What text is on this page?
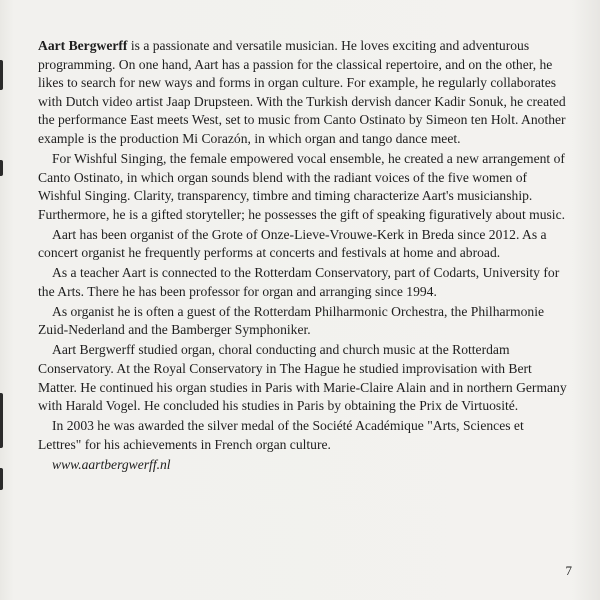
Aart Bergwerff is a passionate and versatile musician. He loves exciting and adventurous programming. On one hand, Aart has a passion for the classical repertoire, and on the other, he likes to search for new ways and forms in organ culture. For example, he regularly collaborates with Dutch video artist Jaap Drupsteen. With the Turkish dervish dancer Kadir Sonuk, he created the performance East meets West, set to music from Canto Ostinato by Simeon ten Holt. Another example is the production Mi Corazón, in which organ and tango dance meet.

For Wishful Singing, the female empowered vocal ensemble, he created a new arrangement of Canto Ostinato, in which organ sounds blend with the radiant voices of the five women of Wishful Singing. Clarity, transparency, timbre and timing characterize Aart's musicianship. Furthermore, he is a gifted storyteller; he possesses the gift of speaking figuratively about music.

Aart has been organist of the Grote of Onze-Lieve-Vrouwe-Kerk in Breda since 2012. As a concert organist he frequently performs at concerts and festivals at home and abroad.

As a teacher Aart is connected to the Rotterdam Conservatory, part of Codarts, University for the Arts. There he has been professor for organ and arranging since 1994.

As organist he is often a guest of the Rotterdam Philharmonic Orchestra, the Philharmonie Zuid-Nederland and the Bamberger Symphoniker.

Aart Bergwerff studied organ, choral conducting and church music at the Rotterdam Conservatory. At the Royal Conservatory in The Hague he studied improvisation with Bert Matter. He continued his organ studies in Paris with Marie-Claire Alain and in northern Germany with Harald Vogel. He concluded his studies in Paris by obtaining the Prix de Virtuosité.

In 2003 he was awarded the silver medal of the Société Académique "Arts, Sciences et Lettres" for his achievements in French organ culture.

www.aartbergwerff.nl

7
